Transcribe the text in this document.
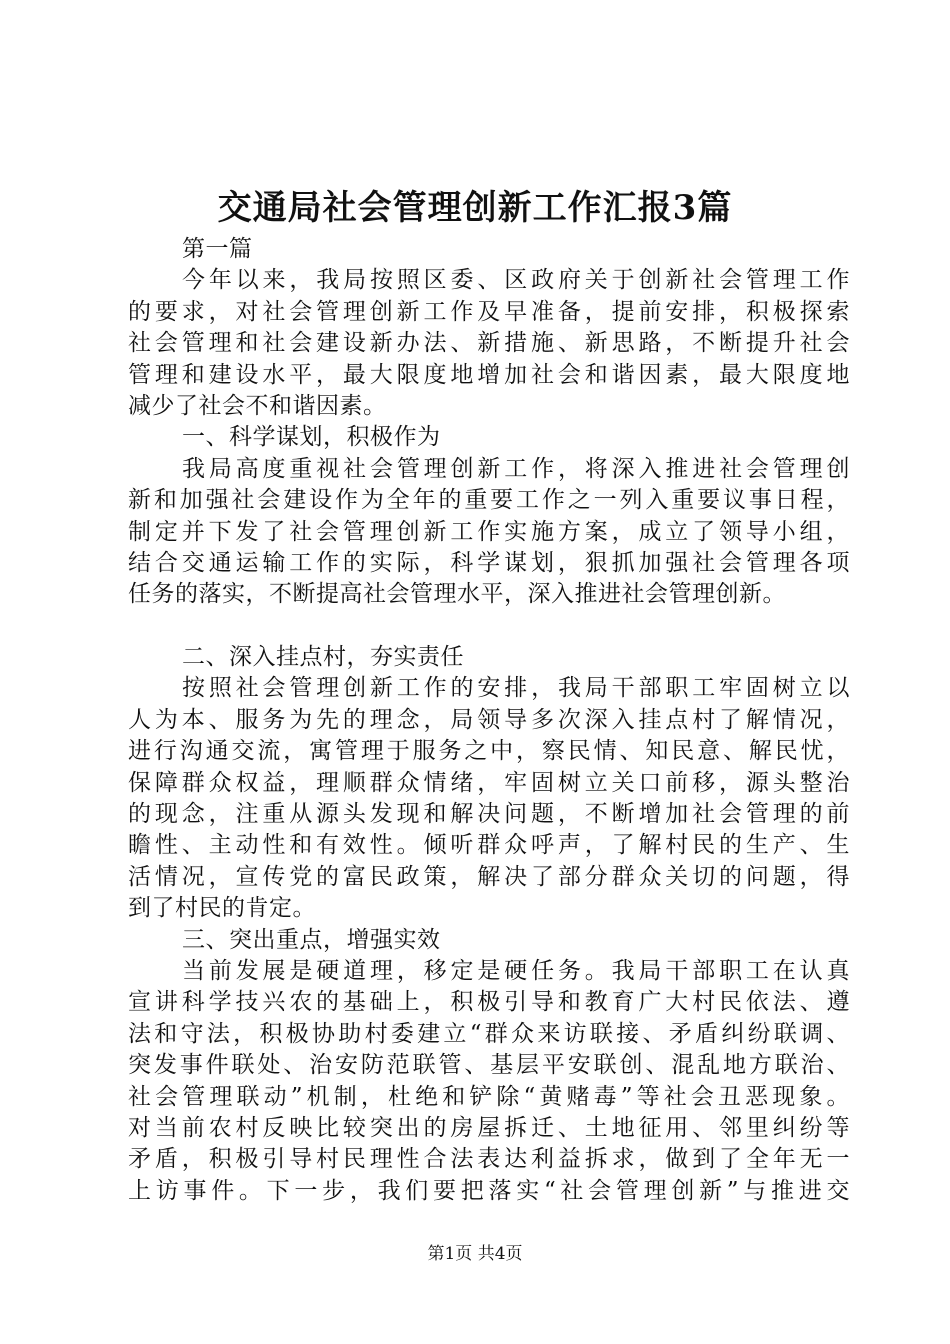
交通局社会管理创新工作汇报3篇
第一篇
今年以来，我局按照区委、区政府关于创新社会管理工作
的要求，对社会管理创新工作及早准备，提前安排，积极探索
社会管理和社会建设新办法、新措施、新思路，不断提升社会
管理和建设水平，最大限度地增加社会和谐因素，最大限度地
减少了社会不和谐因素。
一、科学谋划，积极作为
我局高度重视社会管理创新工作，将深入推进社会管理创
新和加强社会建设作为全年的重要工作之一列入重要议事日程，
制定并下发了社会管理创新工作实施方案，成立了领导小组，
结合交通运输工作的实际，科学谋划，狠抓加强社会管理各项
任务的落实，不断提高社会管理水平，深入推进社会管理创新。
二、深入挂点村，夯实责任
按照社会管理创新工作的安排，我局干部职工牢固树立以
人为本、服务为先的理念，局领导多次深入挂点村了解情况，
进行沟通交流，寓管理于服务之中，察民情、知民意、解民忧，
保障群众权益，理顺群众情绪，牢固树立关口前移，源头整治
的现念，注重从源头发现和解决问题，不断增加社会管理的前
瞻性、主动性和有效性。倾听群众呼声，了解村民的生产、生
活情况，宣传党的富民政策，解决了部分群众关切的问题，得
到了村民的肯定。
三、突出重点，增强实效
当前发展是硬道理，移定是硬任务。我局干部职工在认真
宣讲科学技兴农的基础上，积极引导和教育广大村民依法、遵
法和守法，积极协助村委建立“群众来访联接、矛盾纠纷联调、
突发事件联处、治安防范联管、基层平安联创、混乱地方联治、
社会管理联动”机制，杜绝和铲除“黄赌毒”等社会丑恶现象。
对当前农村反映比较突出的房屋拆迁、土地征用、邻里纠纷等
矛盾，积极引导村民理性合法表达利益拆求，做到了全年无一
上访事件。下一步，我们要把落实“社会管理创新”与推进交
第1页 共4页
